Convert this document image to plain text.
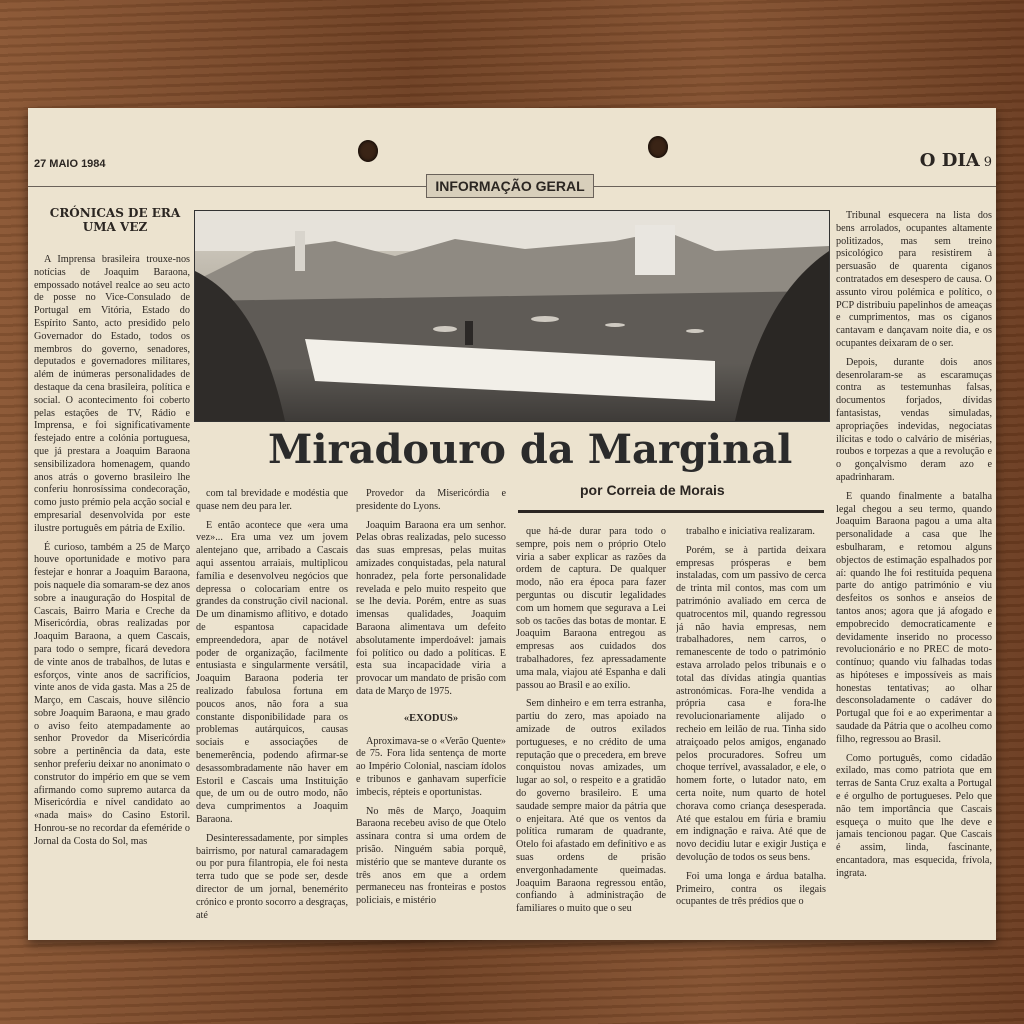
27 MAIO 1984	O DIA 9
INFORMAÇÃO GERAL
CRÓNICAS DE ERA UMA VEZ
Miradouro da Marginal
por Correia de Morais

A Imprensa brasileira trouxe-nos notícias de Joaquim Baraona, empossado notável realce ao seu acto de posse no Vice-Consulado de Portugal em Vitória, Estado do Espírito Santo, acto presidido pelo Governador do Estado, todos os membros do governo, senadores, deputados e governadores militares, além de inúmeras personalidades de destaque da cena brasileira, política e social. O acontecimento foi coberto pelas estações de TV, Rádio e Imprensa, e foi significativamente festejado entre a colónia portuguesa, que já prestara a Joaquim Baraona sensibilizadora homenagem, quando anos atrás o governo brasileiro lhe conferiu honrosíssima condecoração, como justo prémio pela acção social e empresarial desenvolvida por este ilustre português em pátria de Exílio.

É curioso, também a 25 de Março houve oportunidade e motivo para festejar e honrar a Joaquim Baraona, pois naquele dia somaram-se dez anos sobre a inauguração do Hospital de Cascais, Bairro Maria e Creche da Misericórdia, obras realizadas por Joaquim Baraona, a quem Cascais, para todo o sempre, ficará devedora de vinte anos de trabalhos, de lutas e esforços, vinte anos de sacrifícios, vinte anos de vida gasta. Mas a 25 de Março, em Cascais, houve silêncio sobre Joaquim Baraona, e mau grado o aviso feito atempadamente ao senhor Provedor da Misericórdia sobre a pertinência da data, este senhor preferiu deixar no anonimato o construtor do império em que se vem afirmando como supremo autarca da Misericórdia e nível candidato ao «nada mais» do Casino Estoril. Honrou-se no recordar da efeméride o Jornal da Costa do Sol, mas

com tal brevidade e modéstia que quase nem deu para ler.

E então acontece que «era uma vez»... Era uma vez um jovem alentejano que, arribado a Cascais aqui assentou arraiais, multiplicou família e desenvolveu negócios que depressa o colocariam entre os grandes da construção civil nacional. De um dinamismo aflitivo, e dotado de espantosa capacidade empreendedora, apar de notável poder de organização, facilmente entusiasta e singularmente versátil, Joaquim Baraona poderia ter realizado fabulosa fortuna em poucos anos, não fora a sua constante disponibilidade para os problemas autárquicos, causas sociais e associações de benemerência, podendo afirmar-se desassombradamente não haver em Estoril e Cascais uma Instituição que, de um ou de outro modo, não deva cumprimentos a Joaquim Baraona.

Desinteressadamente, por simples bairrismo, por natural camaradagem ou por pura filantropia, ele foi nesta terra tudo que se pode ser, desde director de um jornal, benemérito crónico e pronto socorro a desgraças, até

Provedor da Misericórdia e presidente do Lyons.

Joaquim Baraona era um senhor. Pelas obras realizadas, pelo sucesso das suas empresas, pelas muitas amizades conquistadas, pela natural honradez, pela forte personalidade revelada e pelo muito respeito que se lhe devia. Porém, entre as suas imensas qualidades, Joaquim Baraona alimentava um defeito absolutamente imperdoável: jamais foi político ou dado a políticas. E esta sua incapacidade viria a provocar um mandato de prisão com data de Março de 1975.

«EXODUS»

Aproximava-se o «Verão Quente» de 75. Fora lida sentença de morte ao Império Colonial, nasciam ídolos e tribunos e ganhavam superfície imbecis, répteis e oportunistas.

No mês de Março, Joaquim Baraona recebeu aviso de que Otelo assinara contra si uma ordem de prisão. Ninguém sabia porquê, mistério que se manteve durante os três anos em que a ordem permaneceu nas fronteiras e postos policiais, e mistério

que há-de durar para todo o sempre, pois nem o próprio Otelo viria a saber explicar as razões da ordem de captura. De qualquer modo, não era época para fazer perguntas ou discutir legalidades com um homem que segurava a Lei sob os tacões das botas de montar. E Joaquim Baraona entregou as empresas aos cuidados dos trabalhadores, fez apressadamente uma mala, viajou até Espanha e dali passou ao Brasil e ao exílio.

Sem dinheiro e em terra estranha, partiu do zero, mas apoiado na amizade de outros exilados portugueses, e no crédito de uma reputação que o precedera, em breve conquistou novas amizades, um lugar ao sol, o respeito e a gratidão do governo brasileiro. E uma saudade sempre maior da pátria que o enjeitara. Até que os ventos da política rumaram de quadrante, Otelo foi afastado em definitivo e as suas ordens de prisão envergonhadamente queimadas. Joaquim Baraona regressou então, confiando à administração de familiares o muito que o seu

trabalho e iniciativa realizaram.

Porém, se à partida deixara empresas prósperas e bem instaladas, com um passivo de cerca de trinta mil contos, mas com um património avaliado em cerca de quatrocentos mil, quando regressou já não havia empresas, nem trabalhadores, nem carros, o remanescente de todo o património estava arrolado pelos tribunais e o total das dívidas atingia quantias astronómicas. Fora-lhe vendida a própria casa e fora-lhe revolucionariamente alijado o recheio em leilão de rua. Tinha sido atraiçoado pelos amigos, enganado pelos procuradores. Sofreu um choque terrível, avassalador, e ele, o homem forte, o lutador nato, em certa noite, num quarto de hotel chorava como criança desesperada. Até que estalou em fúria e bramiu em indignação e raiva. Até que de novo decidiu lutar e exigir Justiça e devolução de todos os seus bens.

Foi uma longa e árdua batalha. Primeiro, contra os ilegais ocupantes de três prédios que o

Tribunal esquecera na lista dos bens arrolados, ocupantes altamente politizados, mas sem treino psicológico para resistirem à persuasão de quarenta ciganos contratados em desespero de causa. O assunto virou polémica e político, o PCP distribuiu papelinhos de ameaças e cumprimentos, mas os ciganos cantavam e dançavam noite dia, e os ocupantes deixaram de o ser.

Depois, durante dois anos desenrolaram-se as escaramuças contra as testemunhas falsas, documentos forjados, dívidas fantasistas, vendas simuladas, apropriações indevidas, negociatas ilícitas e todo o calvário de misérias, roubos e torpezas a que a revolução e o gonçalvismo deram azo e apadrinharam.

E quando finalmente a batalha legal chegou a seu termo, quando Joaquim Baraona pagou a uma alta personalidade a casa que lhe esbulharam, e retomou alguns objectos de estimação espalhados por aí: quando lhe foi restituída pequena parte do antigo património e viu desfeitos os sonhos e anseios de tantos anos; agora que já afogado e empobrecido democraticamente e devidamente inserido no processo revolucionário e no PREC de moto-contínuo; quando viu falhadas todas as hipóteses e impossíveis as mais honestas tentativas; ao olhar desconsoladamente o cadáver do Portugal que foi e ao experimentar a saudade da Pátria que o acolheu como filho, regressou ao Brasil.

Como português, como cidadão exilado, mas como patriota que em terras de Santa Cruz exalta a Portugal e é orgulho de portugueses. Pelo que não tem importância que Cascais esqueça o muito que lhe deve e jamais tencionou pagar. Que Cascais é assim, linda, fascinante, encantadora, mas esquecida, frívola, ingrata.
